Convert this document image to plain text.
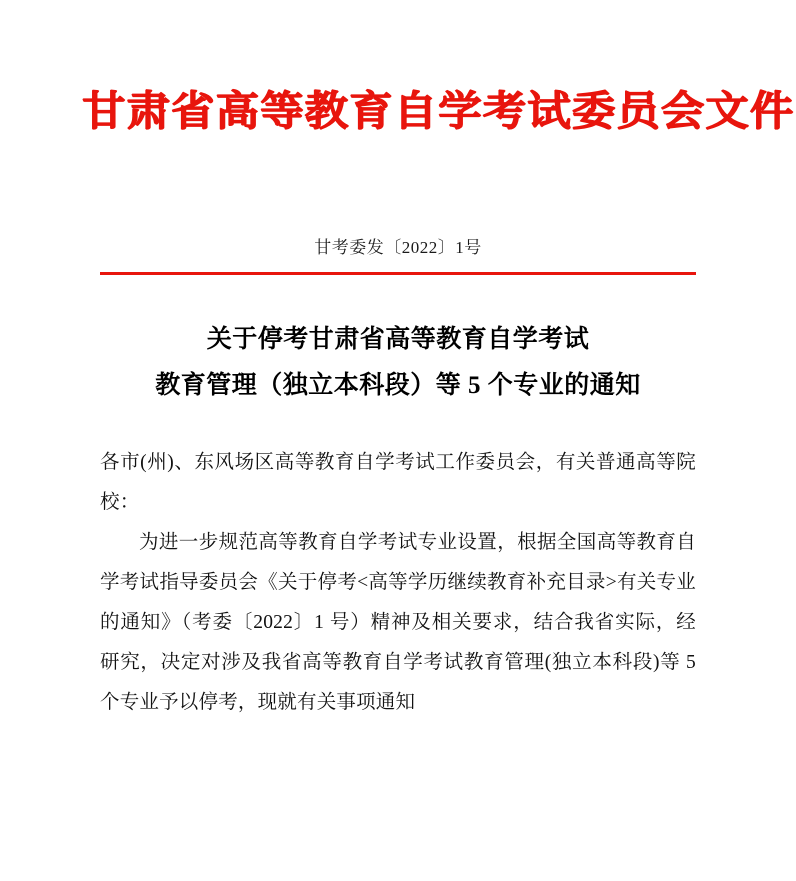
甘肃省高等教育自学考试委员会文件
甘考委发〔2022〕1号
关于停考甘肃省高等教育自学考试
教育管理（独立本科段）等 5 个专业的通知

各市(州)、东风场区高等教育自学考试工作委员会，有关普通高等院校：

为进一步规范高等教育自学考试专业设置，根据全国高等教育自学考试指导委员会《关于停考<高等学历继续教育补充目录>有关专业的通知》（考委〔2022〕1 号）精神及相关要求，结合我省实际，经研究，决定对涉及我省高等教育自学考试教育管理(独立本科段)等 5 个专业予以停考，现就有关事项通知
